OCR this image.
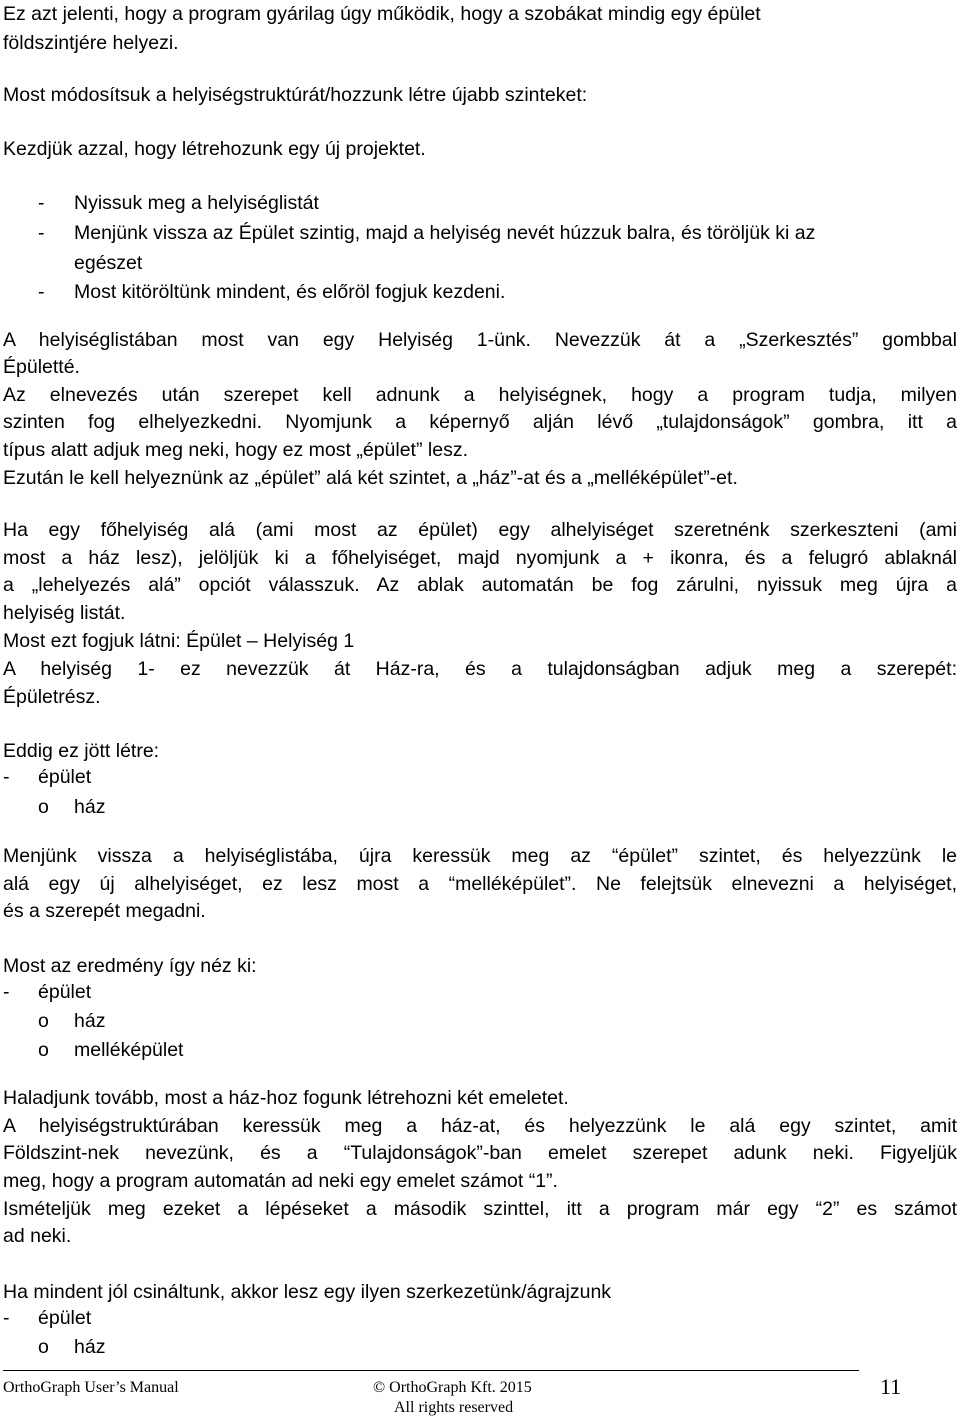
Ez azt jelenti, hogy a program gyárilag úgy működik, hogy a szobákat mindig egy épület
földszintjére helyezi.
Most módosítsuk a helyiségstruktúrát/hozzunk létre újabb szinteket:
Kezdjük azzal, hogy létrehozunk egy új projektet.
- Nyissuk meg a helyiséglistát
- Menjünk vissza az Épület szintig, majd a helyiség nevét húzzuk balra, és töröljük ki az
egészet
- Most kitöröltünk mindent, és előröl fogjuk kezdeni.
A helyiséglistában most van egy Helyiség 1-ünk. Nevezzük át a „Szerkesztés” gombbal
Épületté.
Az elnevezés után szerepet kell adnunk a helyiségnek, hogy a program tudja, milyen
szinten fog elhelyezkedni. Nyomjunk a képernyő alján lévő „tulajdonságok” gombra, itt a
típus alatt adjuk meg neki, hogy ez most „épület” lesz.
Ezután le kell helyeznünk az „épület” alá két szintet, a „ház”-at és a „melléképület”-et.
Ha egy főhelyiség alá (ami most az épület) egy alhelyiséget szeretnénk szerkeszteni (ami
most a ház lesz), jelöljük ki a főhelyiséget, majd nyomjunk a + ikonra, és a felugró ablaknál
a „lehelyezés alá” opciót válasszuk. Az ablak automatán be fog zárulni, nyissuk meg újra a
helyiség listát.
Most ezt fogjuk látni: Épület – Helyiség 1
A helyiség 1- ez nevezzük át Ház-ra, és a tulajdonságban adjuk meg a szerepét:
Épületrész.
Eddig ez jött létre:
- épület
o ház
Menjünk vissza a helyiséglistába, újra keressük meg az “épület” szintet, és helyezzünk le
alá egy új alhelyiséget, ez lesz most a “melléképület”. Ne felejtsük elnevezni a helyiséget,
és a szerepét megadni.
Most az eredmény így néz ki:
- épület
o ház
o melléképület
Haladjunk tovább, most a ház-hoz fogunk létrehozni két emeletet.
A helyiségstruktúrában keressük meg a ház-at, és helyezzünk le alá egy szintet, amit
Földszint-nek nevezünk, és a “Tulajdonságok”-ban emelet szerepet adunk neki. Figyeljük
meg, hogy a program automatán ad neki egy emelet számot “1”.
Ismételjük meg ezeket a lépéseket a második szinttel, itt a program már egy “2” es számot
ad neki.
Ha mindent jól csináltunk, akkor lesz egy ilyen szerkezetünk/ágrajzunk
- épület
o ház
OrthoGraph User’s Manual	© OrthoGraph Kft. 2015
All rights reserved
11
